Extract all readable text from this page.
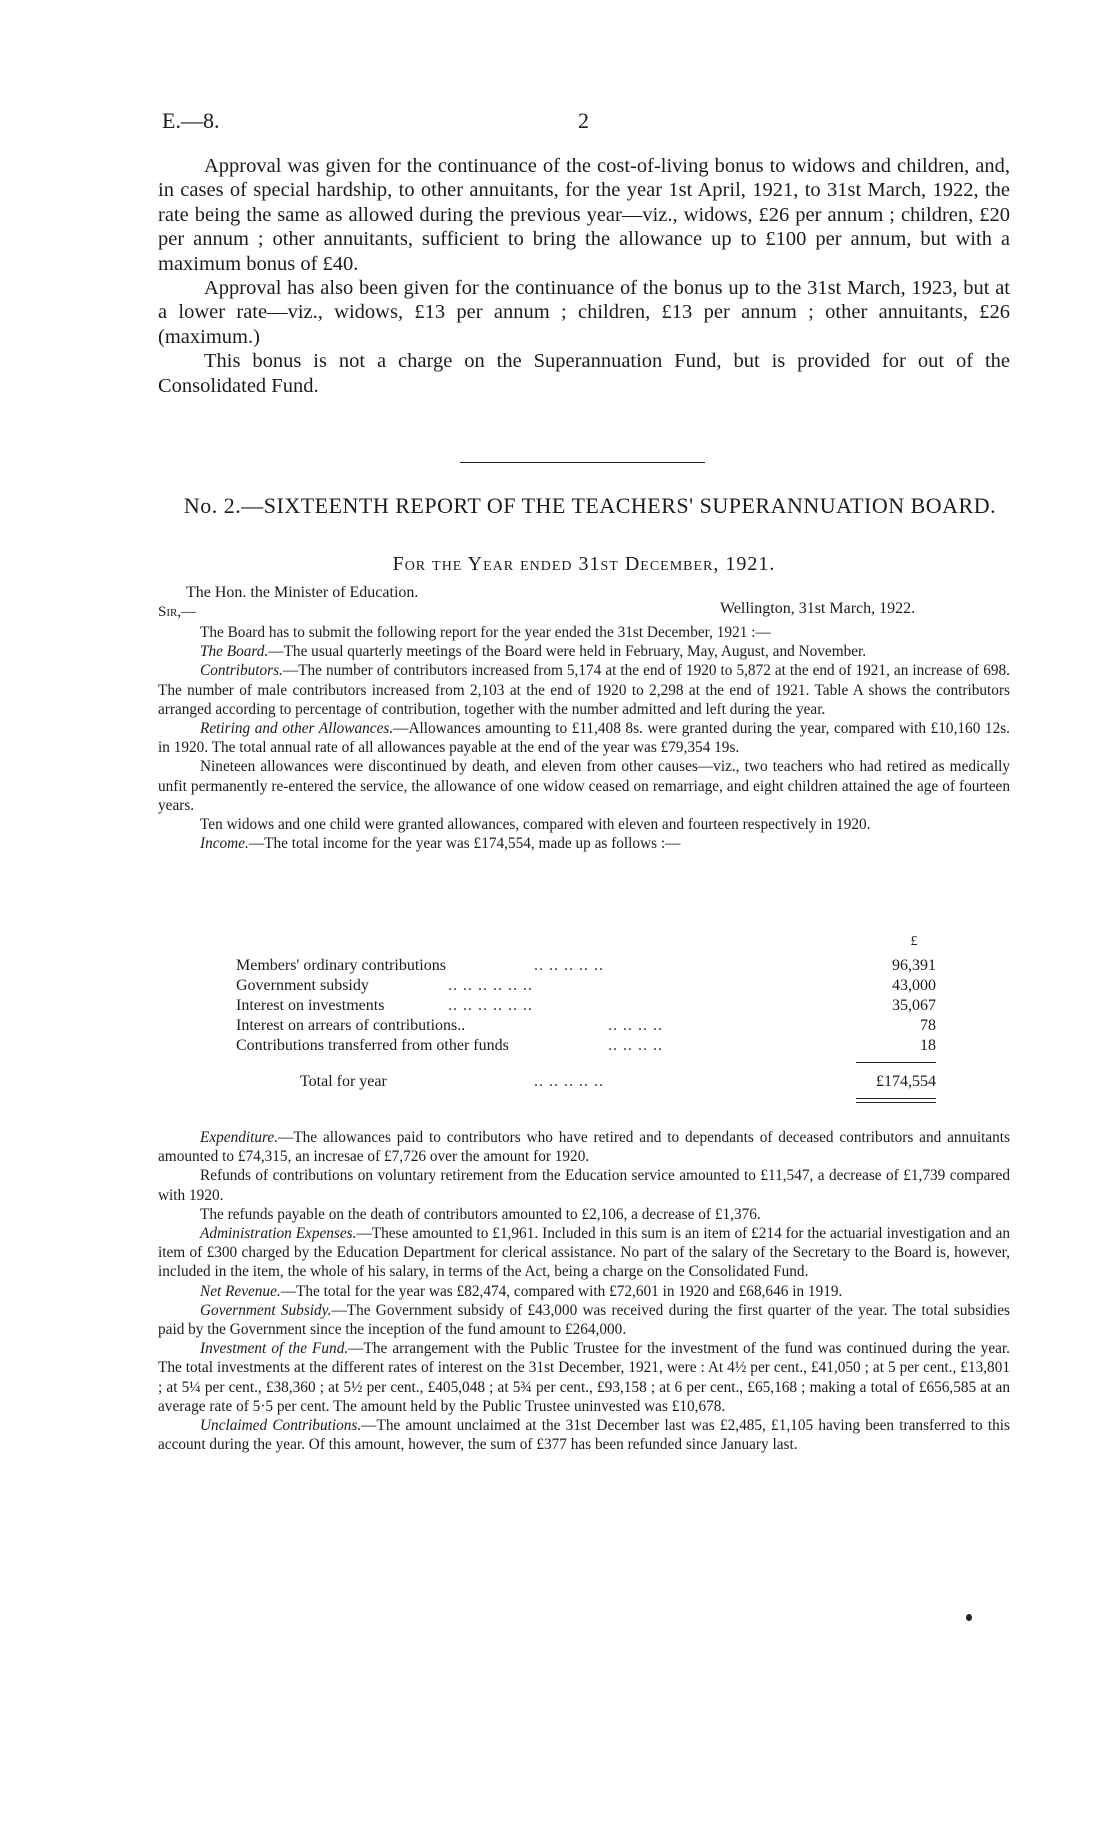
E.—8.	2

Approval was given for the continuance of the cost-of-living bonus to widows and children, and, in cases of special hardship, to other annuitants, for the year 1st April, 1921, to 31st March, 1922, the rate being the same as allowed during the previous year—viz., widows, £26 per annum ; children, £20 per annum ; other annuitants, sufficient to bring the allowance up to £100 per annum, but with a maximum bonus of £40.

Approval has also been given for the continuance of the bonus up to the 31st March, 1923, but at a lower rate—viz., widows, £13 per annum ; children, £13 per annum ; other annuitants, £26 (maximum.)

This bonus is not a charge on the Superannuation Fund, but is provided for out of the Consolidated Fund.

No. 2.—SIXTEENTH REPORT OF THE TEACHERS' SUPERANNUATION BOARD.
For the Year ended 31st December, 1921.
The Hon. the Minister of Education.
Sir,—	Wellington, 31st March, 1922.

The Board has to submit the following report for the year ended the 31st December, 1921 :—

The Board.—The usual quarterly meetings of the Board were held in February, May, August, and November.

Contributors.—The number of contributors increased from 5,174 at the end of 1920 to 5,872 at the end of 1921, an increase of 698. The number of male contributors increased from 2,103 at the end of 1920 to 2,298 at the end of 1921. Table A shows the contributors arranged according to percentage of contribution, together with the number admitted and left during the year.

Retiring and other Allowances.—Allowances amounting to £11,408 8s. were granted during the year, compared with £10,160 12s. in 1920. The total annual rate of all allowances payable at the end of the year was £79,354 19s.

Nineteen allowances were discontinued by death, and eleven from other causes—viz., two teachers who had retired as medically unfit permanently re-entered the service, the allowance of one widow ceased on remarriage, and eight children attained the age of fourteen years.

Ten widows and one child were granted allowances, compared with eleven and fourteen respectively in 1920.

Income.—The total income for the year was £174,554, made up as follows :—

£
Members' ordinary contributions	.. .. .. .. ..	96,391
Government subsidy	.. .. .. .. .. ..	43,000
Interest on investments	.. .. .. .. .. ..	35,067
Interest on arrears of contributions..	.. .. .. ..	78
Contributions transferred from other funds	.. .. .. ..	18
Total for year	.. .. .. .. ..	£174,554

Expenditure.—The allowances paid to contributors who have retired and to dependants of deceased contributors and annuitants amounted to £74,315, an incresae of £7,726 over the amount for 1920.

Refunds of contributions on voluntary retirement from the Education service amounted to £11,547, a decrease of £1,739 compared with 1920.

The refunds payable on the death of contributors amounted to £2,106, a decrease of £1,376.

Administration Expenses.—These amounted to £1,961. Included in this sum is an item of £214 for the actuarial investigation and an item of £300 charged by the Education Department for clerical assistance. No part of the salary of the Secretary to the Board is, however, included in the item, the whole of his salary, in terms of the Act, being a charge on the Consolidated Fund.

Net Revenue.—The total for the year was £82,474, compared with £72,601 in 1920 and £68,646 in 1919.

Government Subsidy.—The Government subsidy of £43,000 was received during the first quarter of the year. The total subsidies paid by the Government since the inception of the fund amount to £264,000.

Investment of the Fund.—The arrangement with the Public Trustee for the investment of the fund was continued during the year. The total investments at the different rates of interest on the 31st December, 1921, were : At 4½ per cent., £41,050 ; at 5 per cent., £13,801 ; at 5¼ per cent., £38,360 ; at 5½ per cent., £405,048 ; at 5¾ per cent., £93,158 ; at 6 per cent., £65,168 ; making a total of £656,585 at an average rate of 5·5 per cent. The amount held by the Public Trustee uninvested was £10,678.

Unclaimed Contributions.—The amount unclaimed at the 31st December last was £2,485, £1,105 having been transferred to this account during the year. Of this amount, however, the sum of £377 has been refunded since January last.
